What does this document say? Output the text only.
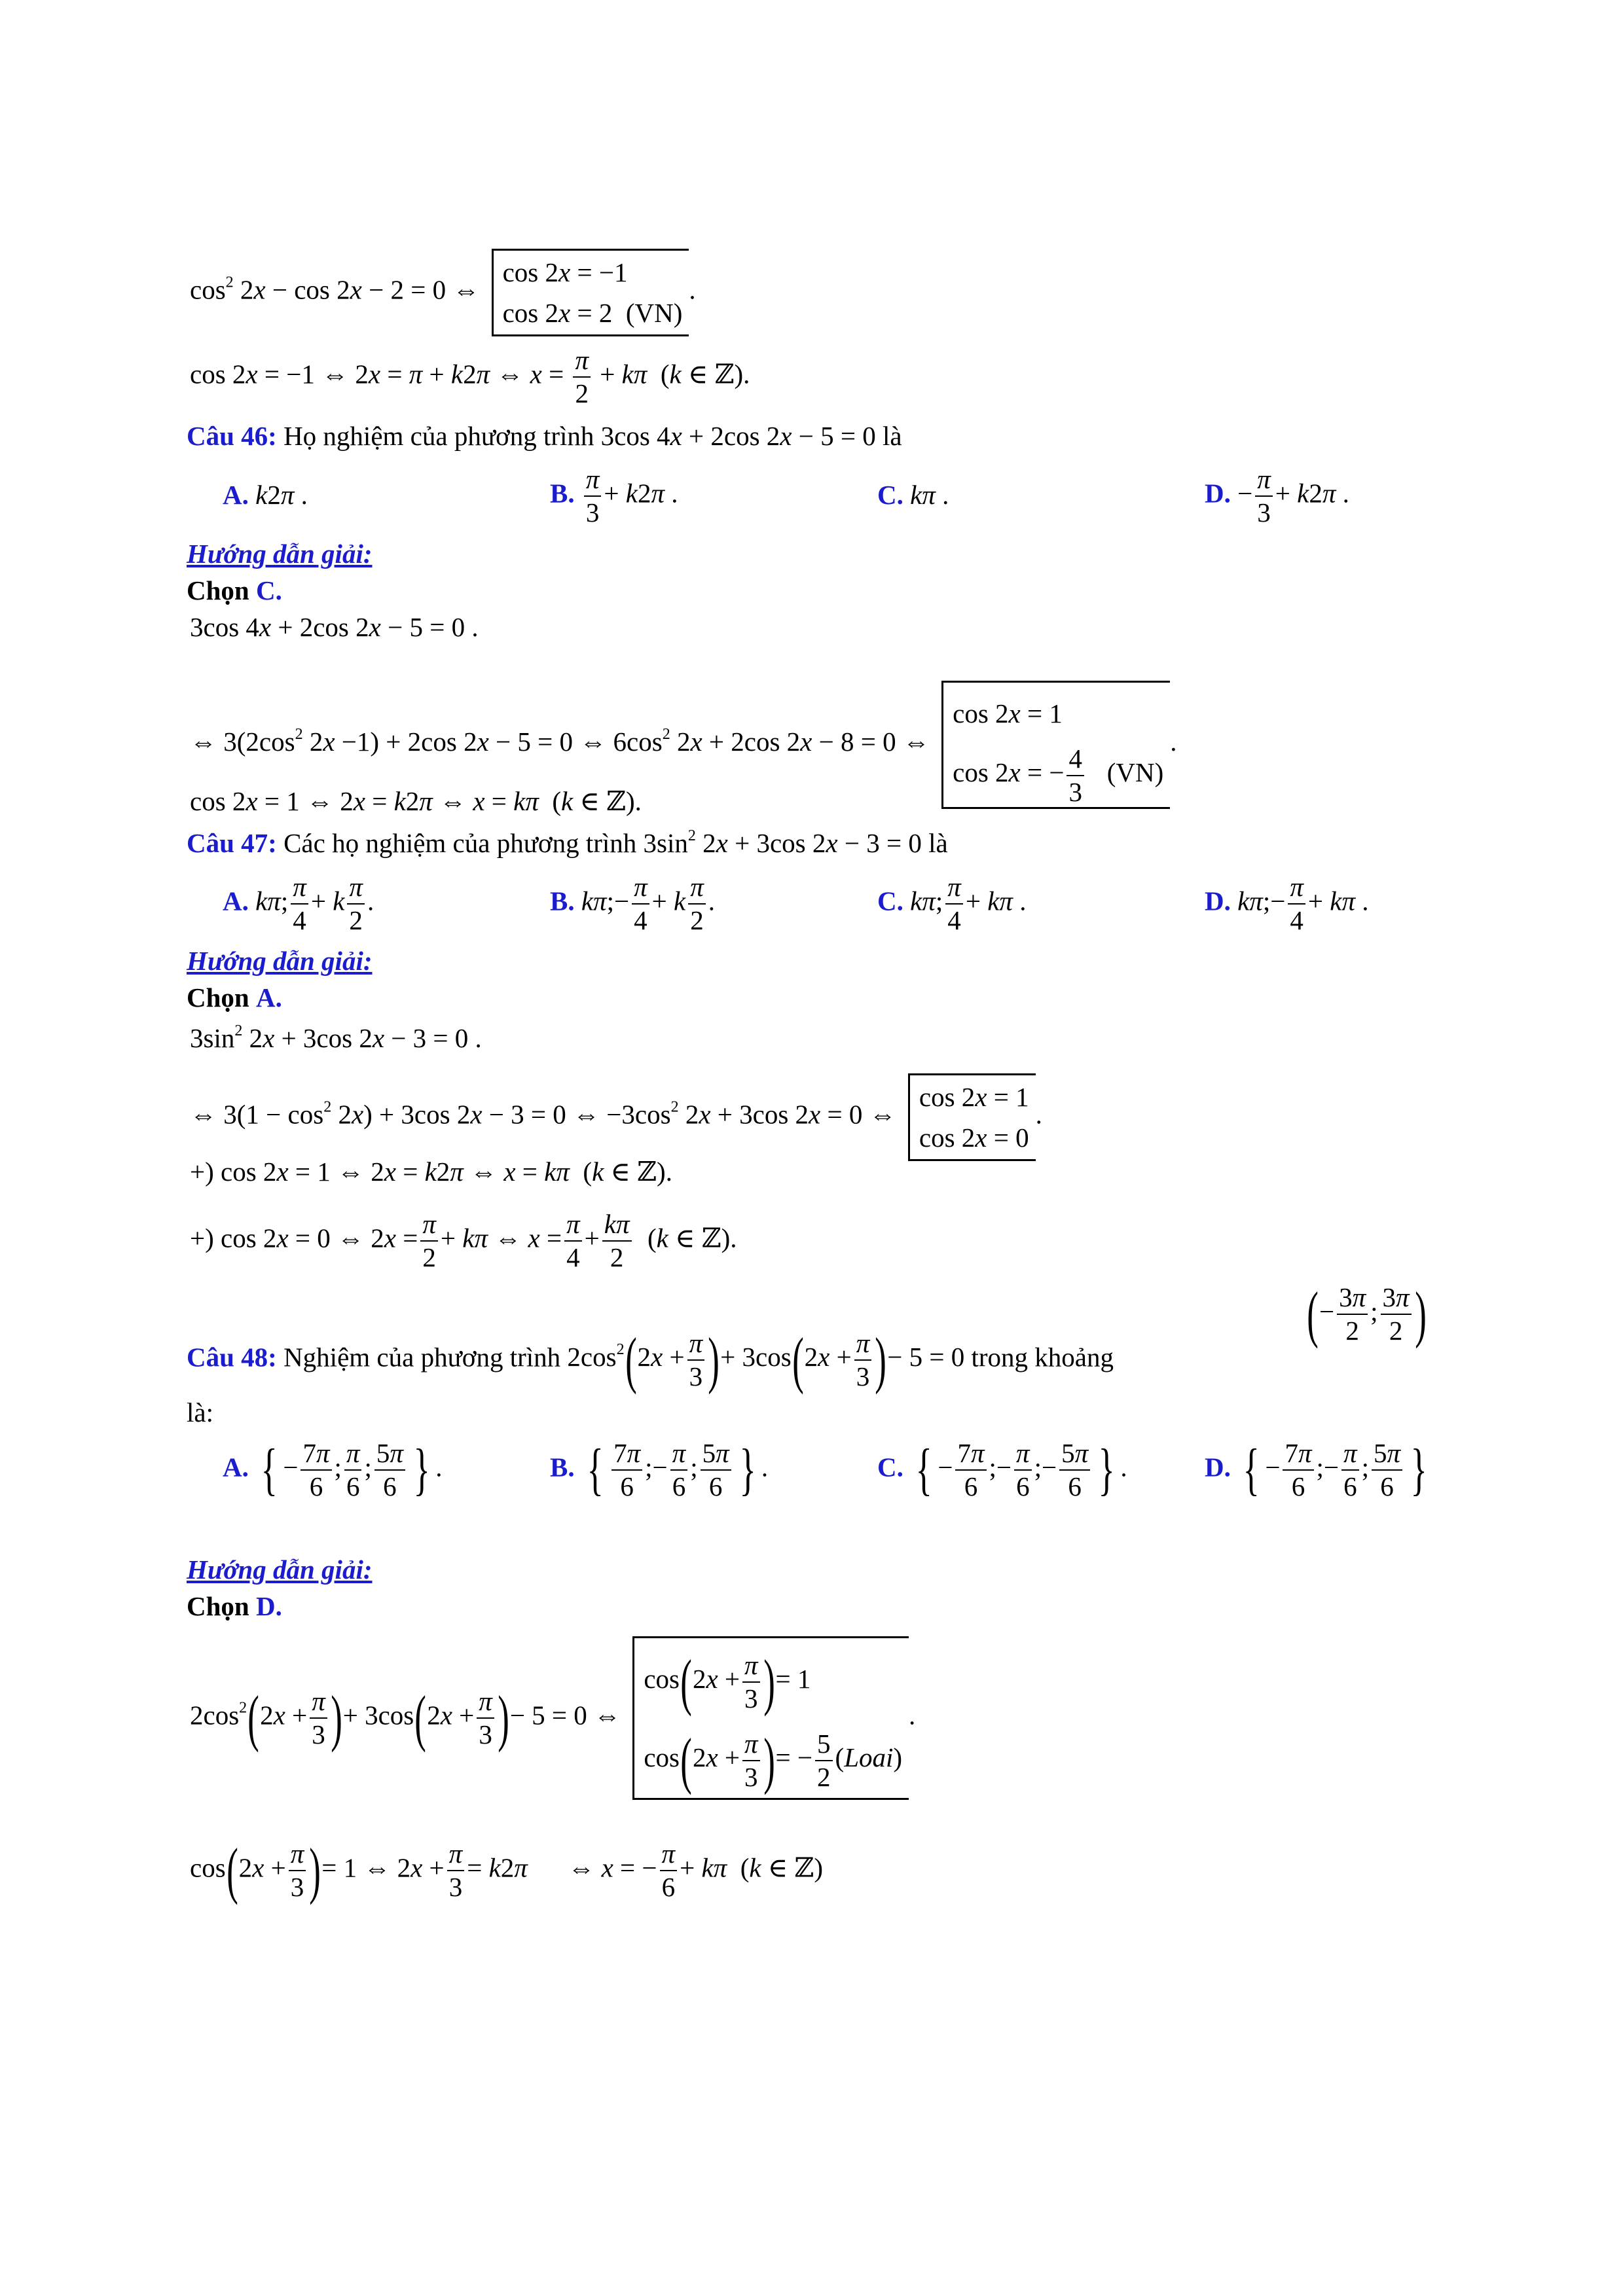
$\cos^2 2x - \cos 2x - 2 = 0$ ⇔ cos 2x = −1
cos 2x = 2  (VN).
cos 2x = −1 ⇔ 2x = π + k2π ⇔ $x = \frac{\pi}{2} + k\pi$  (k ∈ ℤ).
Câu 46: Họ nghiệm của phương trình 3cos 4x + 2cos 2x − 5 = 0 là
A. k2π .	B. $\frac{\pi}{3} + k2\pi$ .	C. kπ .	D. − $\frac{\pi}{3} + k2\pi$ .
Hướng dẫn giải:
Chọn C.
3cos 4x + 2cos 2x − 5 = 0 .
⇔ $3(2\cos^2$ 2x −1) + 2cos 2x − 5 = 0 ⇔ $6\cos^2$ 2x + 2cos 2x − 8 = 0 ⇔ cos 2x = 1
cos 2x = − $\frac{4}{3} (VN)$.
cos 2x = 1 ⇔ 2x = k2π ⇔ x = kπ  (k ∈ ℤ).
Câu 47: Các họ nghiệm của phương trình $3\sin^2$ 2x + 3cos 2x − 3 = 0 là
A. kπ; $\frac{\pi}{4} + k \frac{\pi}{2}$ .	B. kπ;− $\frac{\pi}{4} + k \frac{\pi}{2}$ .	C. kπ; $\frac{\pi}{4} + k\pi$ .	D. kπ;− $\frac{\pi}{4} + k\pi$ .
Hướng dẫn giải:
Chọn A.
$3\sin^2$ 2x + 3cos 2x − 3 = 0 .
⇔ $3(1 - \cos^2 2x) + 3\cos$ 2x − 3 = 0 ⇔ $-3\cos^2$ 2x + 3cos 2x = 0 ⇔ cos 2x = 1
cos 2x = 0.
+) cos 2x = 1 ⇔ 2x = k2π ⇔ x = kπ  (k ∈ ℤ).
+) cos 2x = 0 ⇔ $2x = \frac{\pi}{2} + k\pi$ ⇔ $x = \frac{\pi}{4} + \frac{k\pi}{2} (k$ ∈ ℤ).
Câu 48: Nghiệm của phương trình $2\cos^2(2x + \frac{\pi}{3}$ )+ $3\cos(2x + \frac{\pi}{3}$ )− 5 = 0 trong khoảng
(− $\frac{3\pi}{2}$ ; $\frac{3\pi}{2}$ )
là:
A. { − $\frac{7\pi}{6}$ ; $\frac{\pi}{6}$ ; $\frac{5\pi}{6}$ } .	B. { $\frac{7\pi}{6}$ ;− $\frac{\pi}{6}$ ; $\frac{5\pi}{6}$ } .	C. { − $\frac{7\pi}{6}$ ;− $\frac{\pi}{6}$ ;− $\frac{5\pi}{6}$ } .	D. { − $\frac{7\pi}{6}$ ;− $\frac{\pi}{6}$ ; $\frac{5\pi}{6}$ }
Hướng dẫn giải:
Chọn D.
$2\cos^2(2x + \frac{\pi}{3}$ )+ $3\cos(2x + \frac{\pi}{3}$ )− 5 = 0 ⇔ $\cos(2x + \frac{\pi}{3}$ )= 1
$\cos(2x + \frac{\pi}{3}$ )= − $\frac{5}{2}$ (Loai).
$\cos(2x + \frac{\pi}{3}$ )= 1 ⇔ $2x + \frac{\pi}{3} = k2\pi$      ⇔ x = − $\frac{\pi}{6} + k\pi$  (k ∈ ℤ)
